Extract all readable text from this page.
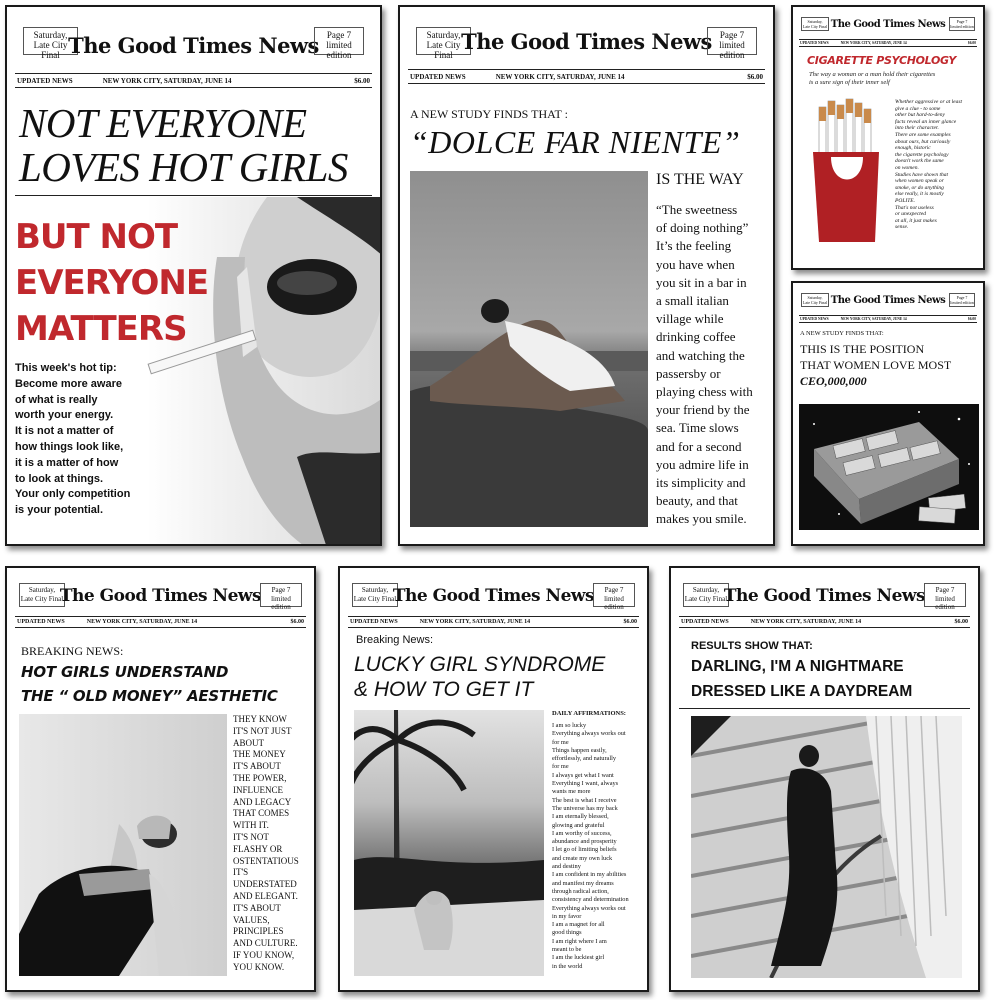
Saturday,
Late City Final The Good Times News Page 7
limited edition
UPDATED NEWS	NEW YORK CITY, SATURDAY, JUNE 14	$6.00
NOT EVERYONE
LOVES HOT GIRLS
BUT NOT
EVERYONE
MATTERS
This week's hot tip:
Become more aware
of what is really
worth your energy.
It is not a matter of
how things look like,
it is a matter of how
to look at things.
Your only competition
is your potential.
Saturday,
Late City Final
The Good Times News Page 7
limited edition
UPDATED NEWS	NEW YORK CITY, SATURDAY, JUNE 14	$6.00
A NEW STUDY FINDS THAT :
“DOLCE FAR NIENTE”
IS THE WAY
“The sweetness
of doing nothing”
It’s the feeling
you have when
you sit in a bar in
a small italian
village while
drinking coffee
and watching the
passersby or
playing chess with
your friend by the
sea. Time slows
and for a second
you admire life in
its simplicity and
beauty, and that
makes you smile.
Saturday,
Late City Final The Good Times News	Page 7
limited edition
UPDATED NEWS	NEW YORK CITY, SATURDAY, JUNE 14	$6.00
CIGARETTE PSYCHOLOGY
The way a woman or a man hold their cigarettes
is a sure sign of their inner self
Whether aggressive or at least
give a clue - to some
other but hard-to-deny
facts reveal an inner glance
into their character.
There are some examples
about ours, but curiously
enough, historic
the cigarette psychology
doesn't work the same
on women.
Studies have shown that
when women speak or
smoke, or do anything
else really, it is mostly
POLITE.
That's not useless
or unexpected
at all, it just makes
sense.
Saturday,
Late City Final The Good Times News	Page 7
limited edition
UPDATED NEWS	NEW YORK CITY, SATURDAY, JUNE 14	$6.00
A NEW STUDY FINDS THAT:
THIS IS THE POSITION
THAT WOMEN LOVE MOST
CEO,000,000
Saturday,
Late City Final
The Good Times News	Page 7
limited edition
UPDATED NEWS	NEW YORK CITY, SATURDAY, JUNE 14	$6.00
BREAKING NEWS:
HOT GIRLS UNDERSTAND
THE “ OLD MONEY” AESTHETIC
THEY KNOW
IT'S NOT JUST
ABOUT
THE MONEY
IT'S ABOUT
THE POWER,
INFLUENCE
AND LEGACY
THAT COMES
WITH IT.
IT'S NOT
FLASHY OR
OSTENTATIOUS
IT'S
UNDERSTATED
AND ELEGANT.
IT'S ABOUT
VALUES,
PRINCIPLES
AND CULTURE.
IF YOU KNOW,
YOU KNOW.
Saturday,
Late City Final
The Good Times News	Page 7
limited edition
UPDATED NEWS	NEW YORK CITY, SATURDAY, JUNE 14	$6.00
Breaking News:
LUCKY GIRL SYNDROME
& HOW TO GET IT
DAILY AFFIRMATIONS:
I am so lucky
Everything always works out
for me
Things happen easily,
effortlessly, and naturally
for me
I always get what I want
Everything I want, always
wants me more
The best is what I receive
The universe has my back
I am eternally blessed,
glowing and grateful
I am worthy of success,
abundance and prosperity
I let go of limiting beliefs
and create my own luck
and destiny
I am confident in my abilities
and manifest my dreams
through radical action,
consistency and determination
Everything always works out
in my favor
I am a magnet for all
good things
I am right where I am
meant to be
I am the luckiest girl
in the world
Saturday,
Late City Final
The Good Times News	Page 7
limited edition
UPDATED NEWS	NEW YORK CITY, SATURDAY, JUNE 14	$6.00
RESULTS SHOW THAT:
DARLING, I'M A NIGHTMARE
DRESSED LIKE A DAYDREAM
